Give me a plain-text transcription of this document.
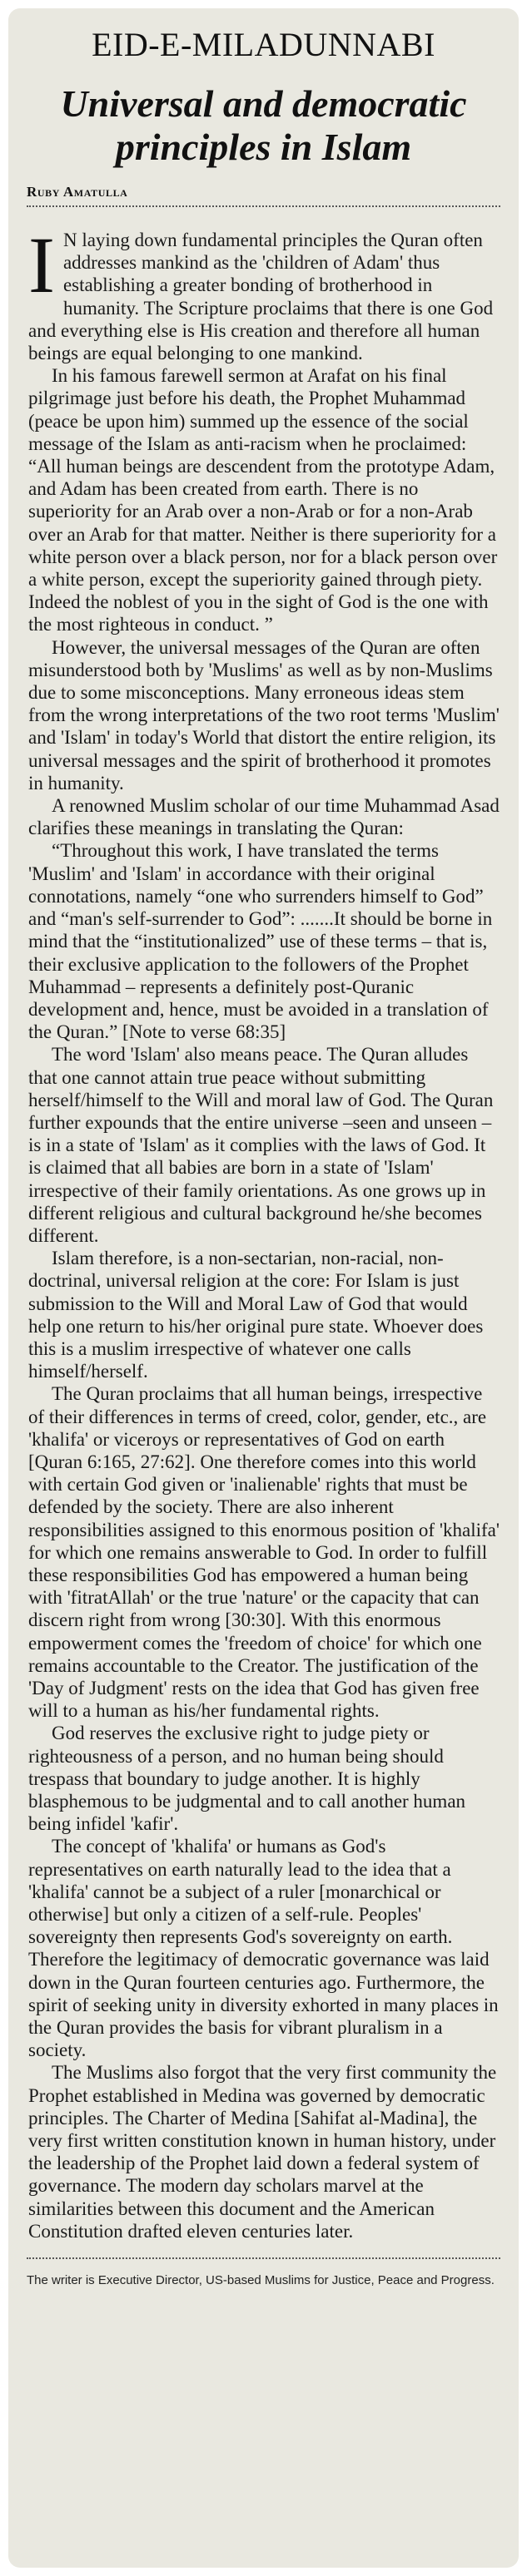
EID-E-MILADUNNABI
Universal and democratic principles in Islam
Ruby Amatulla

I N laying down fundamental principles the Quran often addresses mankind as the 'children of Adam' thus establishing a greater bonding of brotherhood in humanity. The Scripture proclaims that there is one God and everything else is His creation and therefore all human beings are equal belonging to one mankind.

In his famous farewell sermon at Arafat on his final pilgrimage just before his death, the Prophet Muhammad (peace be upon him) summed up the essence of the social message of the Islam as anti-racism when he proclaimed: “All human beings are descendent from the prototype Adam, and Adam has been created from earth. There is no superiority for an Arab over a non-Arab or for a non-Arab over an Arab for that matter. Neither is there superiority for a white person over a black person, nor for a black person over a white person, except the superiority gained through piety. Indeed the noblest of you in the sight of God is the one with the most righteous in conduct. ”

However, the universal messages of the Quran are often misunderstood both by 'Muslims' as well as by non-Muslims due to some misconceptions. Many erroneous ideas stem from the wrong interpretations of the two root terms 'Muslim' and 'Islam' in today's World that distort the entire religion, its universal messages and the spirit of brotherhood it promotes in humanity.

A renowned Muslim scholar of our time Muhammad Asad clarifies these meanings in translating the Quran:

“Throughout this work, I have translated the terms 'Muslim' and 'Islam' in accordance with their original connotations, namely “one who surrenders himself to God” and “man's self-surrender to God”: .......It should be borne in mind that the “institutionalized” use of these terms – that is, their exclusive application to the followers of the Prophet Muhammad – represents a definitely post-Quranic development and, hence, must be avoided in a translation of the Quran.” [Note to verse 68:35]

The word 'Islam' also means peace. The Quran alludes that one cannot attain true peace without submitting herself/himself to the Will and moral law of God. The Quran further expounds that the entire universe –seen and unseen – is in a state of 'Islam' as it complies with the laws of God. It is claimed that all babies are born in a state of 'Islam' irrespective of their family orientations. As one grows up in different religious and cultural background he/she becomes different.

Islam therefore, is a non-sectarian, non-racial, non-doctrinal, universal religion at the core: For Islam is just submission to the Will and Moral Law of God that would help one return to his/her original pure state. Whoever does this is a muslim irrespective of whatever one calls himself/herself.

The Quran proclaims that all human beings, irrespective of their differences in terms of creed, color, gender, etc., are 'khalifa' or viceroys or representatives of God on earth [Quran 6:165, 27:62]. One therefore comes into this world with certain God given or 'inalienable' rights that must be defended by the society. There are also inherent responsibilities assigned to this enormous position of 'khalifa' for which one remains answerable to God. In order to fulfill these responsibilities God has empowered a human being with 'fitratAllah' or the true 'nature' or the capacity that can discern right from wrong [30:30]. With this enormous empowerment comes the 'freedom of choice' for which one remains accountable to the Creator. The justification of the 'Day of Judgment' rests on the idea that God has given free will to a human as his/her fundamental rights.

God reserves the exclusive right to judge piety or righteousness of a person, and no human being should trespass that boundary to judge another. It is highly blasphemous to be judgmental and to call another human being infidel 'kafir'.

The concept of 'khalifa' or humans as God's representatives on earth naturally lead to the idea that a 'khalifa' cannot be a subject of a ruler [monarchical or otherwise] but only a citizen of a self-rule. Peoples' sovereignty then represents God's sovereignty on earth. Therefore the legitimacy of democratic governance was laid down in the Quran fourteen centuries ago. Furthermore, the spirit of seeking unity in diversity exhorted in many places in the Quran provides the basis for vibrant pluralism in a society.

The Muslims also forgot that the very first community the Prophet established in Medina was governed by democratic principles. The Charter of Medina [Sahifat al-Madina], the very first written constitution known in human history, under the leadership of the Prophet laid down a federal system of governance. The modern day scholars marvel at the similarities between this document and the American Constitution drafted eleven centuries later.

The writer is Executive Director, US-based Muslims for Justice, Peace and Progress.
